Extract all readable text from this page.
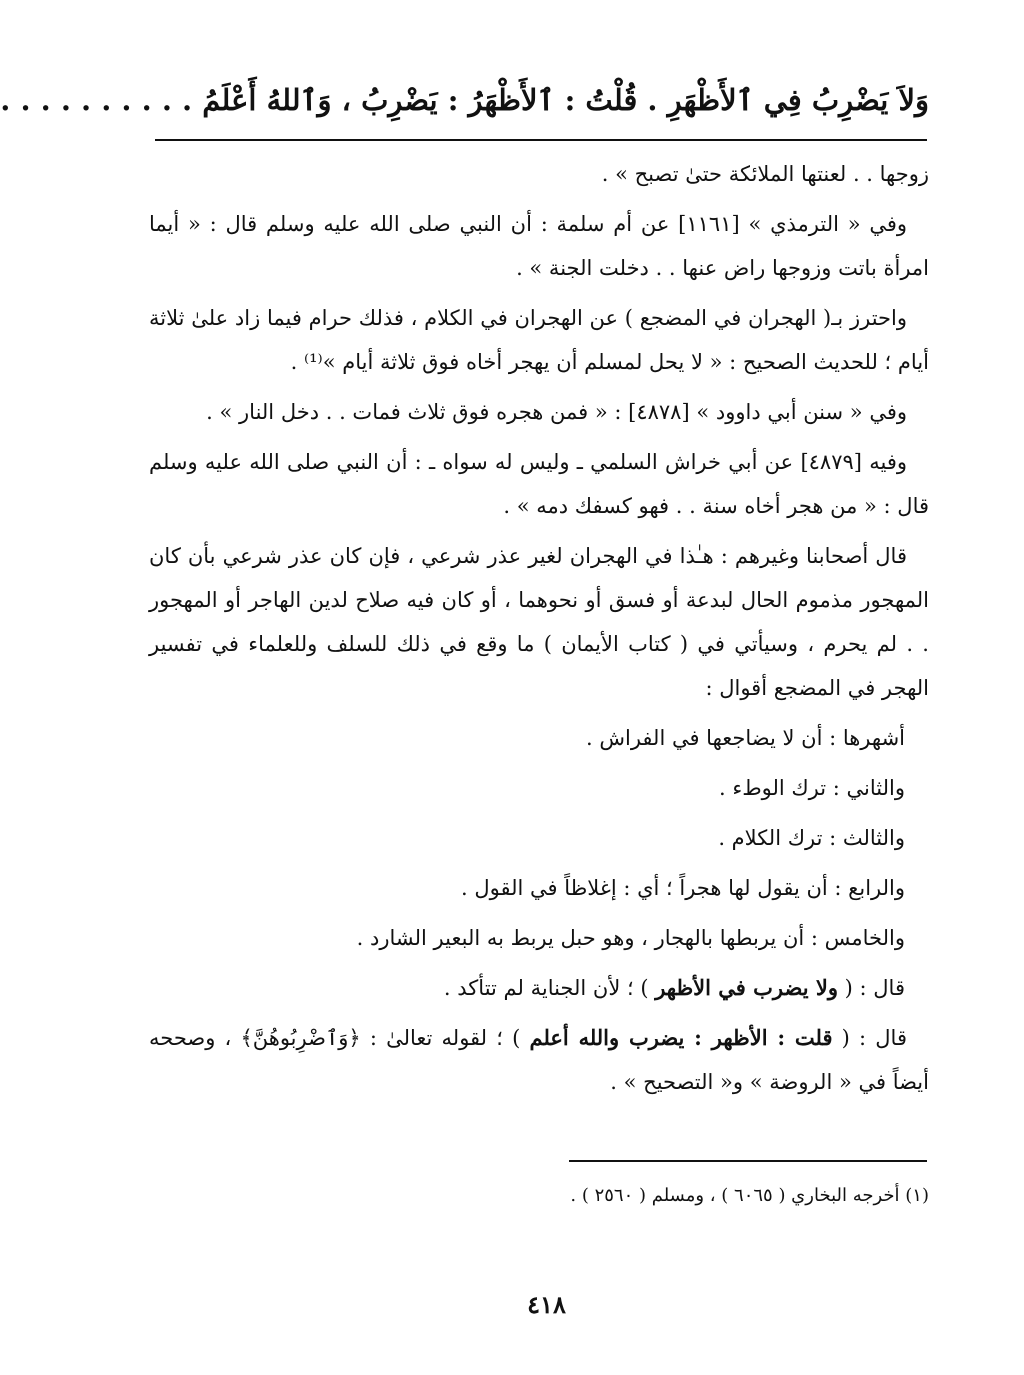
وَلاَ يَضْرِبُ فِي ٱلأَظْهَرِ . قُلْتُ : ٱلأَظْهَرُ : يَضْرِبُ ، وَٱللهُ أَعْلَمُ . . . . . . . . . .

زوجها . . لعنتها الملائكة حتىٰ تصبح » .

وفي « الترمذي » [١١٦١] عن أم سلمة : أن النبي صلى الله عليه وسلم قال : « أيما امرأة باتت وزوجها راض عنها . . دخلت الجنة » .

واحترز بـ( الهجران في المضجع ) عن الهجران في الكلام ، فذلك حرام فيما زاد علىٰ ثلاثة أيام ؛ للحديث الصحيح : « لا يحل لمسلم أن يهجر أخاه فوق ثلاثة أيام »⁽¹⁾ .

وفي « سنن أبي داوود » [٤٨٧٨] : « فمن هجره فوق ثلاث فمات . . دخل النار » .

وفيه [٤٨٧٩] عن أبي خراش السلمي ـ وليس له سواه ـ : أن النبي صلى الله عليه وسلم قال : « من هجر أخاه سنة . . فهو كسفك دمه » .

قال أصحابنا وغيرهم : هـٰذا في الهجران لغير عذر شرعي ، فإن كان عذر شرعي بأن كان المهجور مذموم الحال لبدعة أو فسق أو نحوهما ، أو كان فيه صلاح لدين الهاجر أو المهجور . . لم يحرم ، وسيأتي في ( كتاب الأيمان ) ما وقع في ذلك للسلف وللعلماء في تفسير الهجر في المضجع أقوال :

أشهرها : أن لا يضاجعها في الفراش .

والثاني : ترك الوطء .

والثالث : ترك الكلام .

والرابع : أن يقول لها هجراً ؛ أي : إغلاظاً في القول .

والخامس : أن يربطها بالهجار ، وهو حبل يربط به البعير الشارد .

قال : ( ولا يضرب في الأظهر ) ؛ لأن الجناية لم تتأكد .

قال : ( قلت : الأظهر : يضرب والله أعلم ) ؛ لقوله تعالىٰ : ﴿وَٱضْرِبُوهُنَّ﴾ ، وصححه أيضاً في « الروضة » و« التصحيح » .

(١) أخرجه البخاري ( ٦٠٦٥ ) ، ومسلم ( ٢٥٦٠ ) .
٤١٨
